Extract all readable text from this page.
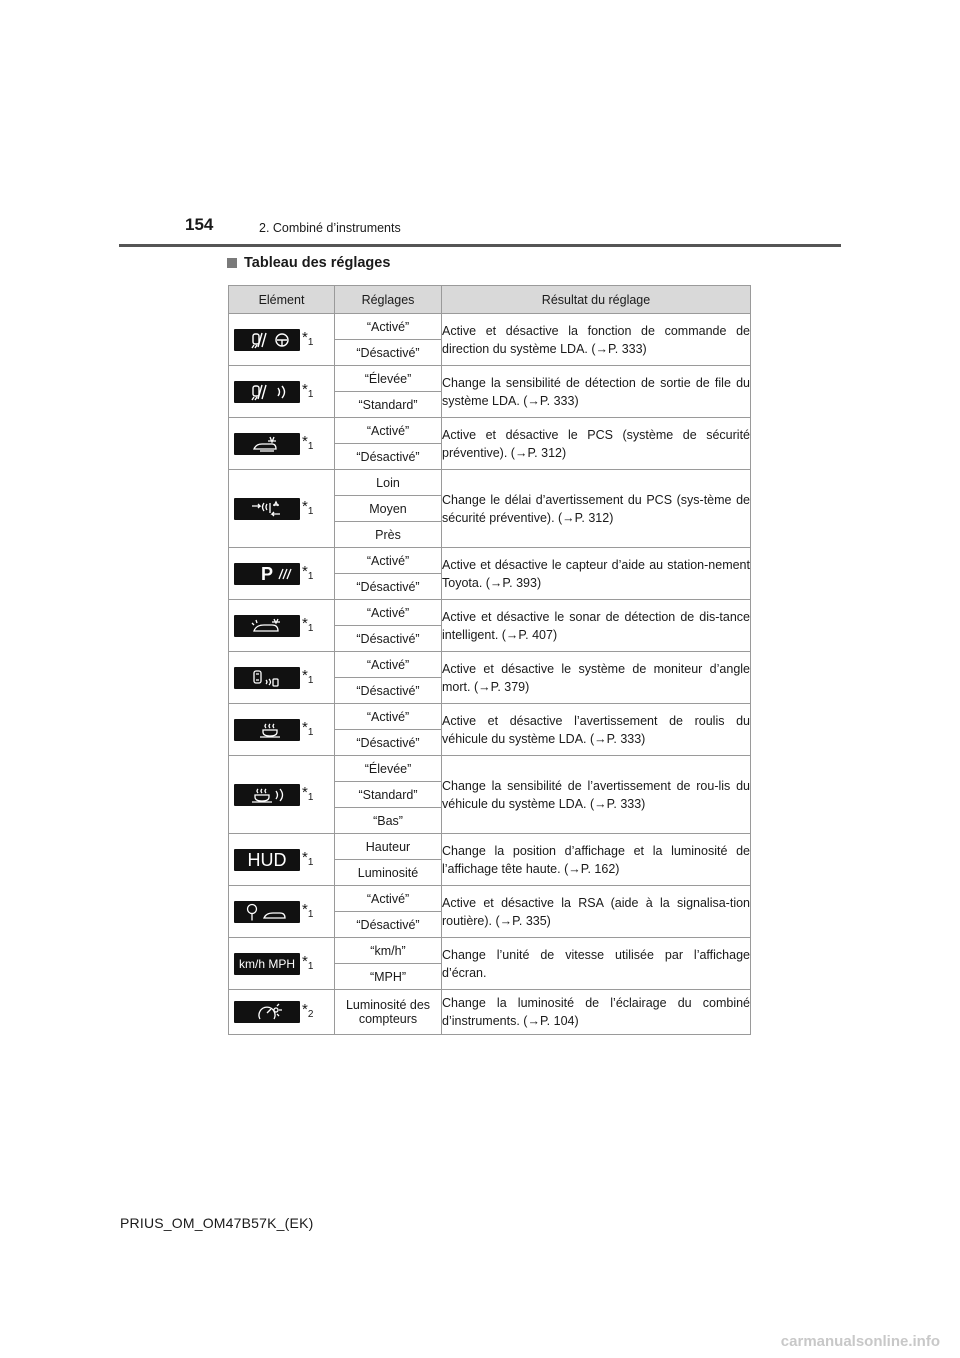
154	2. Combiné d’instruments
Tableau des réglages
Elément	Réglages	Résultat du réglage

$*_1$	“Activé”	Active et désactive la fonction de commande de direction du système LDA. (→P. 333)
	“Désactivé”	

$*_1$	“Élevée”	Change la sensibilité de détection de sortie de file du système LDA. (→P. 333)
	“Standard”	

$*_1$	“Activé”	Active et désactive le PCS (système de sécurité préventive). (→P. 312)
	“Désactivé”	

$*_1$	Loin	Change le délai d’avertissement du PCS (sys-tème de sécurité préventive). (→P. 312)
	Moyen	
	Près	

P $*_1$	“Activé”	Active et désactive le capteur d’aide au station-nement Toyota. (→P. 393)
	“Désactivé”	

$*_1$	“Activé”	Active et désactive le sonar de détection de dis-tance intelligent. (→P. 407)
	“Désactivé”	

$*_1$	“Activé”	Active et désactive le système de moniteur d’angle mort. (→P. 379)
	“Désactivé”	

$*_1$	“Activé”	Active et désactive l’avertissement de roulis du véhicule du système LDA. (→P. 333)
	“Désactivé”	

$*_1$	“Élevée”	Change la sensibilité de l’avertissement de rou-lis du véhicule du système LDA. (→P. 333)
	“Standard”	
	“Bas”	

HUD $*_1$	Hauteur	Change la position d’affichage et la luminosité de l’affichage tête haute. (→P. 162)
	Luminosité	

$*_1$	“Activé”	Active et désactive la RSA (aide à la signalisa-tion routière). (→P. 335)
	“Désactivé”	

km/h MPH $*_1$	“km/h”	Change l’unité de vitesse utilisée par l’affichage d’écran.
	“MPH”	

$*_2$	Luminosité des compteurs	Change la luminosité de l’éclairage du combiné d’instruments. (→P. 104)
PRIUS_OM_OM47B57K_(EK)
carmanualsonline.info
